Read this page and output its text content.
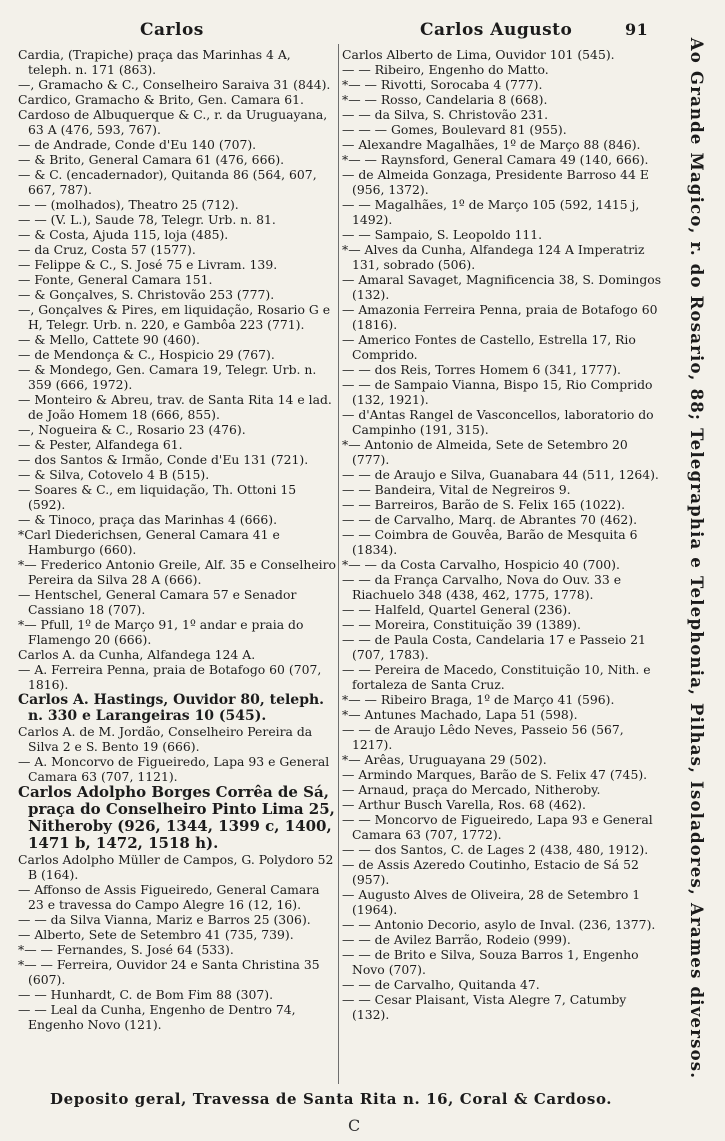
Carlos	Carlos Augusto	91
Cardia, (Trapiche) praça das Marinhas 4 A, teleph. n. 171 (863).
—, Gramacho & C., Conselheiro Saraiva 31 (844).
Cardico, Gramacho & Brito, Gen. Camara 61.
Cardoso de Albuquerque & C., r. da Uruguayana, 63 A (476, 593, 767).
— de Andrade, Conde d'Eu 140 (707).
— & Brito, General Camara 61 (476, 666).
— & C. (encadernador), Quitanda 86 (564, 607, 667, 787).
— — (molhados), Theatro 25 (712).
— — (V. L.), Saude 78, Telegr. Urb. n. 81.
— & Costa, Ajuda 115, loja (485).
— da Cruz, Costa 57 (1577).
— Felippe & C., S. José 75 e Livram. 139.
— Fonte, General Camara 151.
— & Gonçalves, S. Christovão 253 (777).
—, Gonçalves & Pires, em liquidação, Rosario G e H, Telegr. Urb. n. 220, e Gambôa 223 (771).
— & Mello, Cattete 90 (460).
— de Mendonça & C., Hospicio 29 (767).
— & Mondego, Gen. Camara 19, Telegr. Urb. n. 359 (666, 1972).
— Monteiro & Abreu, trav. de Santa Rita 14 e lad. de João Homem 18 (666, 855).
—, Nogueira & C., Rosario 23 (476).
— & Pester, Alfandega 61.
— dos Santos & Irmão, Conde d'Eu 131 (721).
— & Silva, Cotovelo 4 B (515).
— Soares & C., em liquidação, Th. Ottoni 15 (592).
— & Tinoco, praça das Marinhas 4 (666).
*Carl Diederichsen, General Camara 41 e Hamburgo (660).
*— Frederico Antonio Greile, Alf. 35 e Conselheiro Pereira da Silva 28 A (666).
— Hentschel, General Camara 57 e Senador Cassiano 18 (707).
*— Pfull, 1º de Março 91, 1º andar e praia do Flamengo 20 (666).
Carlos A. da Cunha, Alfandega 124 A.
— A. Ferreira Penna, praia de Botafogo 60 (707, 1816).
Carlos A. Hastings, Ouvidor 80, teleph. n. 330 e Larangeiras 10 (545).
Carlos A. de M. Jordão, Conselheiro Pereira da Silva 2 e S. Bento 19 (666).
— A. Moncorvo de Figueiredo, Lapa 93 e General Camara 63 (707, 1121).
Carlos Adolpho Borges Corrêa de Sá, praça do Conselheiro Pinto Lima 25, Nitheroby (926, 1344, 1399 c, 1400, 1471 b, 1472, 1518 h).
Carlos Adolpho Müller de Campos, G. Polydoro 52 B (164).
— Affonso de Assis Figueiredo, General Camara 23 e travessa do Campo Alegre 16 (12, 16).
— — da Silva Vianna, Mariz e Barros 25 (306).
— Alberto, Sete de Setembro 41 (735, 739).
*— — Fernandes, S. José 64 (533).
*— — Ferreira, Ouvidor 24 e Santa Christina 35 (607).
— — Hunhardt, C. de Bom Fim 88 (307).
— — Leal da Cunha, Engenho de Dentro 74, Engenho Novo (121).
Carlos Alberto de Lima, Ouvidor 101 (545).
— — Ribeiro, Engenho do Matto.
*— — Rivotti, Sorocaba 4 (777).
*— — Rosso, Candelaria 8 (668).
— — da Silva, S. Christovão 231.
— — — Gomes, Boulevard 81 (955).
— Alexandre Magalhães, 1º de Março 88 (846).
*— — Raynsford, General Camara 49 (140, 666).
— de Almeida Gonzaga, Presidente Barroso 44 E (956, 1372).
— — Magalhães, 1º de Março 105 (592, 1415 j, 1492).
— — Sampaio, S. Leopoldo 111.
*— Alves da Cunha, Alfandega 124 A Imperatriz 131, sobrado (506).
— Amaral Savaget, Magnificencia 38, S. Domingos (132).
— Amazonia Ferreira Penna, praia de Botafogo 60 (1816).
— Americo Fontes de Castello, Estrella 17, Rio Comprido.
— — dos Reis, Torres Homem 6 (341, 1777).
— — de Sampaio Vianna, Bispo 15, Rio Comprido (132, 1921).
— d'Antas Rangel de Vasconcellos, laboratorio do Campinho (191, 315).
*— Antonio de Almeida, Sete de Setembro 20 (777).
— — de Araujo e Silva, Guanabara 44 (511, 1264).
— — Bandeira, Vital de Negreiros 9.
— — Barreiros, Barão de S. Felix 165 (1022).
— — de Carvalho, Marq. de Abrantes 70 (462).
— — Coimbra de Gouvêa, Barão de Mesquita 6 (1834).
*— — da Costa Carvalho, Hospicio 40 (700).
— — da França Carvalho, Nova do Ouv. 33 e Riachuelo 348 (438, 462, 1775, 1778).
— — Halfeld, Quartel General (236).
— — Moreira, Constituição 39 (1389).
— — de Paula Costa, Candelaria 17 e Passeio 21 (707, 1783).
— — Pereira de Macedo, Constituição 10, Nith. e fortaleza de Santa Cruz.
*— — Ribeiro Braga, 1º de Março 41 (596).
*— Antunes Machado, Lapa 51 (598).
— — de Araujo Lêdo Neves, Passeio 56 (567, 1217).
*— Arêas, Uruguayana 29 (502).
— Armindo Marques, Barão de S. Felix 47 (745).
— Arnaud, praça do Mercado, Nitheroby.
— Arthur Busch Varella, Ros. 68 (462).
— — Moncorvo de Figueiredo, Lapa 93 e General Camara 63 (707, 1772).
— — dos Santos, C. de Lages 2 (438, 480, 1912).
— de Assis Azeredo Coutinho, Estacio de Sá 52 (957).
— Augusto Alves de Oliveira, 28 de Setembro 1 (1964).
— — Antonio Decorio, asylo de Inval. (236, 1377).
— — de Avilez Barrão, Rodeio (999).
— — de Brito e Silva, Souza Barros 1, Engenho Novo (707).
— — de Carvalho, Quitanda 47.
— — Cesar Plaisant, Vista Alegre 7, Catumby (132).	Ao Grande Magico, r. do Rosario, 88; Telegraphia e Telephonia, Pilhas, Isoladores, Arames diversos.
Deposito geral, Travessa de Santa Rita n. 16, Coral & Cardoso.
C
